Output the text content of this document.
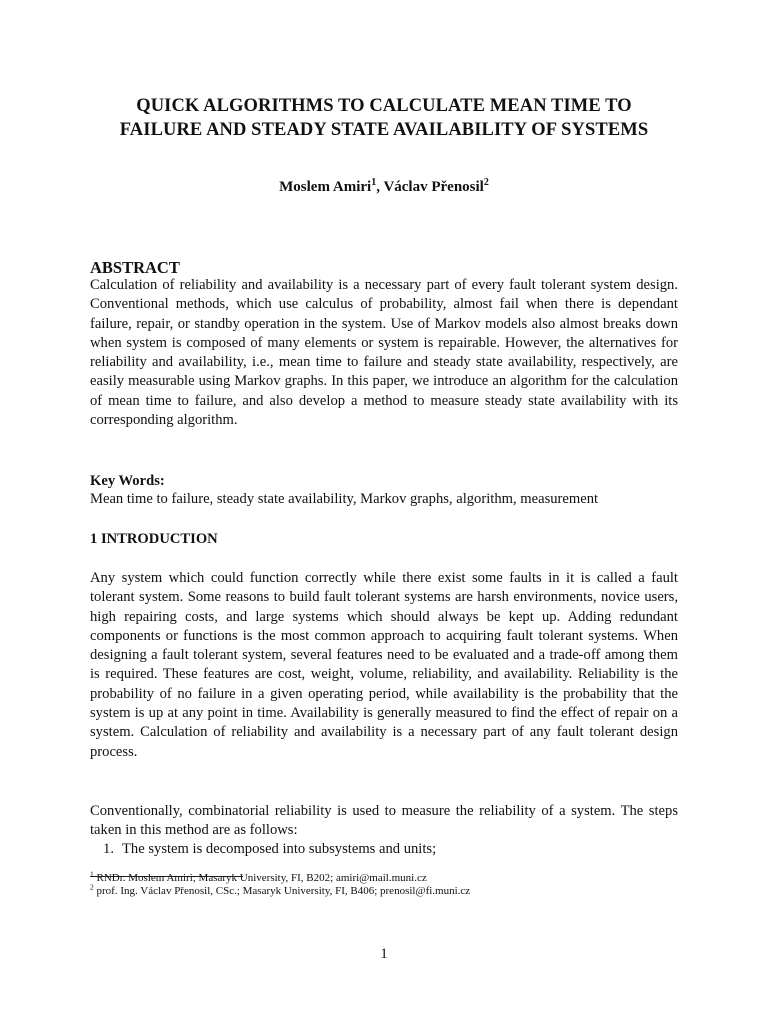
QUICK ALGORITHMS TO CALCULATE MEAN TIME TO
FAILURE AND STEADY STATE AVAILABILITY OF SYSTEMS
Moslem Amiri$^1$, Václav Přenosil$^2$
ABSTRACT
Calculation of reliability and availability is a necessary part of every fault tolerant system design. Conventional methods, which use calculus of probability, almost fail when there is dependant failure, repair, or standby operation in the system. Use of Markov models also almost breaks down when system is composed of many elements or system is repairable. However, the alternatives for reliability and availability, i.e., mean time to failure and steady state availability, respectively, are easily measurable using Markov graphs. In this paper, we introduce an algorithm for the calculation of mean time to failure, and also develop a method to measure steady state availability with its corresponding algorithm.
Key Words:
Mean time to failure, steady state availability, Markov graphs, algorithm, measurement
1 INTRODUCTION
Any system which could function correctly while there exist some faults in it is called a fault tolerant system. Some reasons to build fault tolerant systems are harsh environments, novice users, high repairing costs, and large systems which should always be kept up. Adding redundant components or functions is the most common approach to acquiring fault tolerant systems. When designing a fault tolerant system, several features need to be evaluated and a trade-off among them is required. These features are cost, weight, volume, reliability, and availability. Reliability is the probability of no failure in a given operating period, while availability is the probability that the system is up at any point in time. Availability is generally measured to find the effect of repair on a system. Calculation of reliability and availability is a necessary part of any fault tolerant design process.
Conventionally, combinatorial reliability is used to measure the reliability of a system. The steps taken in this method are as follows:
1. The system is decomposed into subsystems and units;
$^1$ RNDr. Moslem Amiri; Masaryk University, FI, B202; amiri@mail.muni.cz
$^2$ prof. Ing. Václav Přenosil, CSc.; Masaryk University, FI, B406; prenosil@fi.muni.cz
1
